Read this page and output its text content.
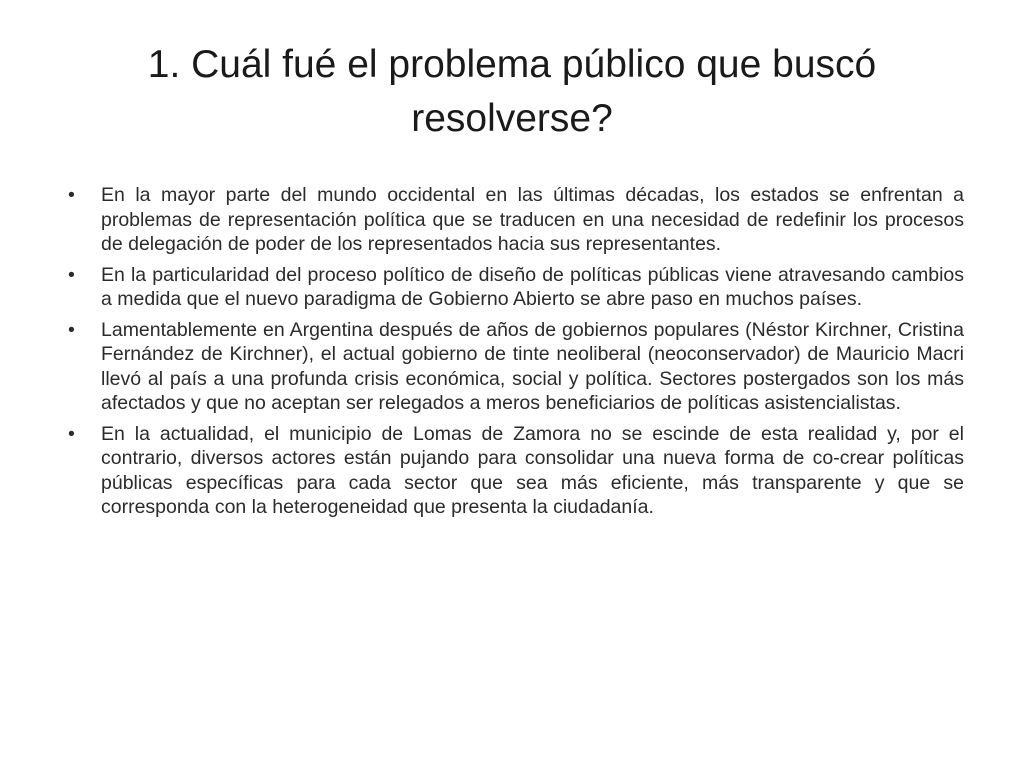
1. Cuál fué el problema público que buscó resolverse?
•	En la mayor parte del mundo occidental en las últimas décadas, los estados se enfrentan a problemas de representación política que se traducen en una necesidad de redefinir los procesos de delegación de poder de los representados hacia sus representantes.
•	En la particularidad del proceso político de diseño de políticas públicas viene atravesando cambios a medida que el nuevo paradigma de Gobierno Abierto se abre paso en muchos países.
•	Lamentablemente en Argentina después de años de gobiernos populares (Néstor Kirchner, Cristina Fernández de Kirchner), el actual gobierno de tinte neoliberal (neoconservador) de Mauricio Macri llevó al país a una profunda crisis económica, social y política. Sectores postergados son los más afectados y que no aceptan ser relegados a meros beneficiarios de políticas asistencialistas.
•	En la actualidad, el municipio de Lomas de Zamora no se escinde de esta realidad y, por el contrario, diversos actores están pujando para consolidar una nueva forma de co-crear políticas públicas específicas para cada sector que sea más eficiente, más transparente y que se corresponda con la heterogeneidad que presenta la ciudadanía.
